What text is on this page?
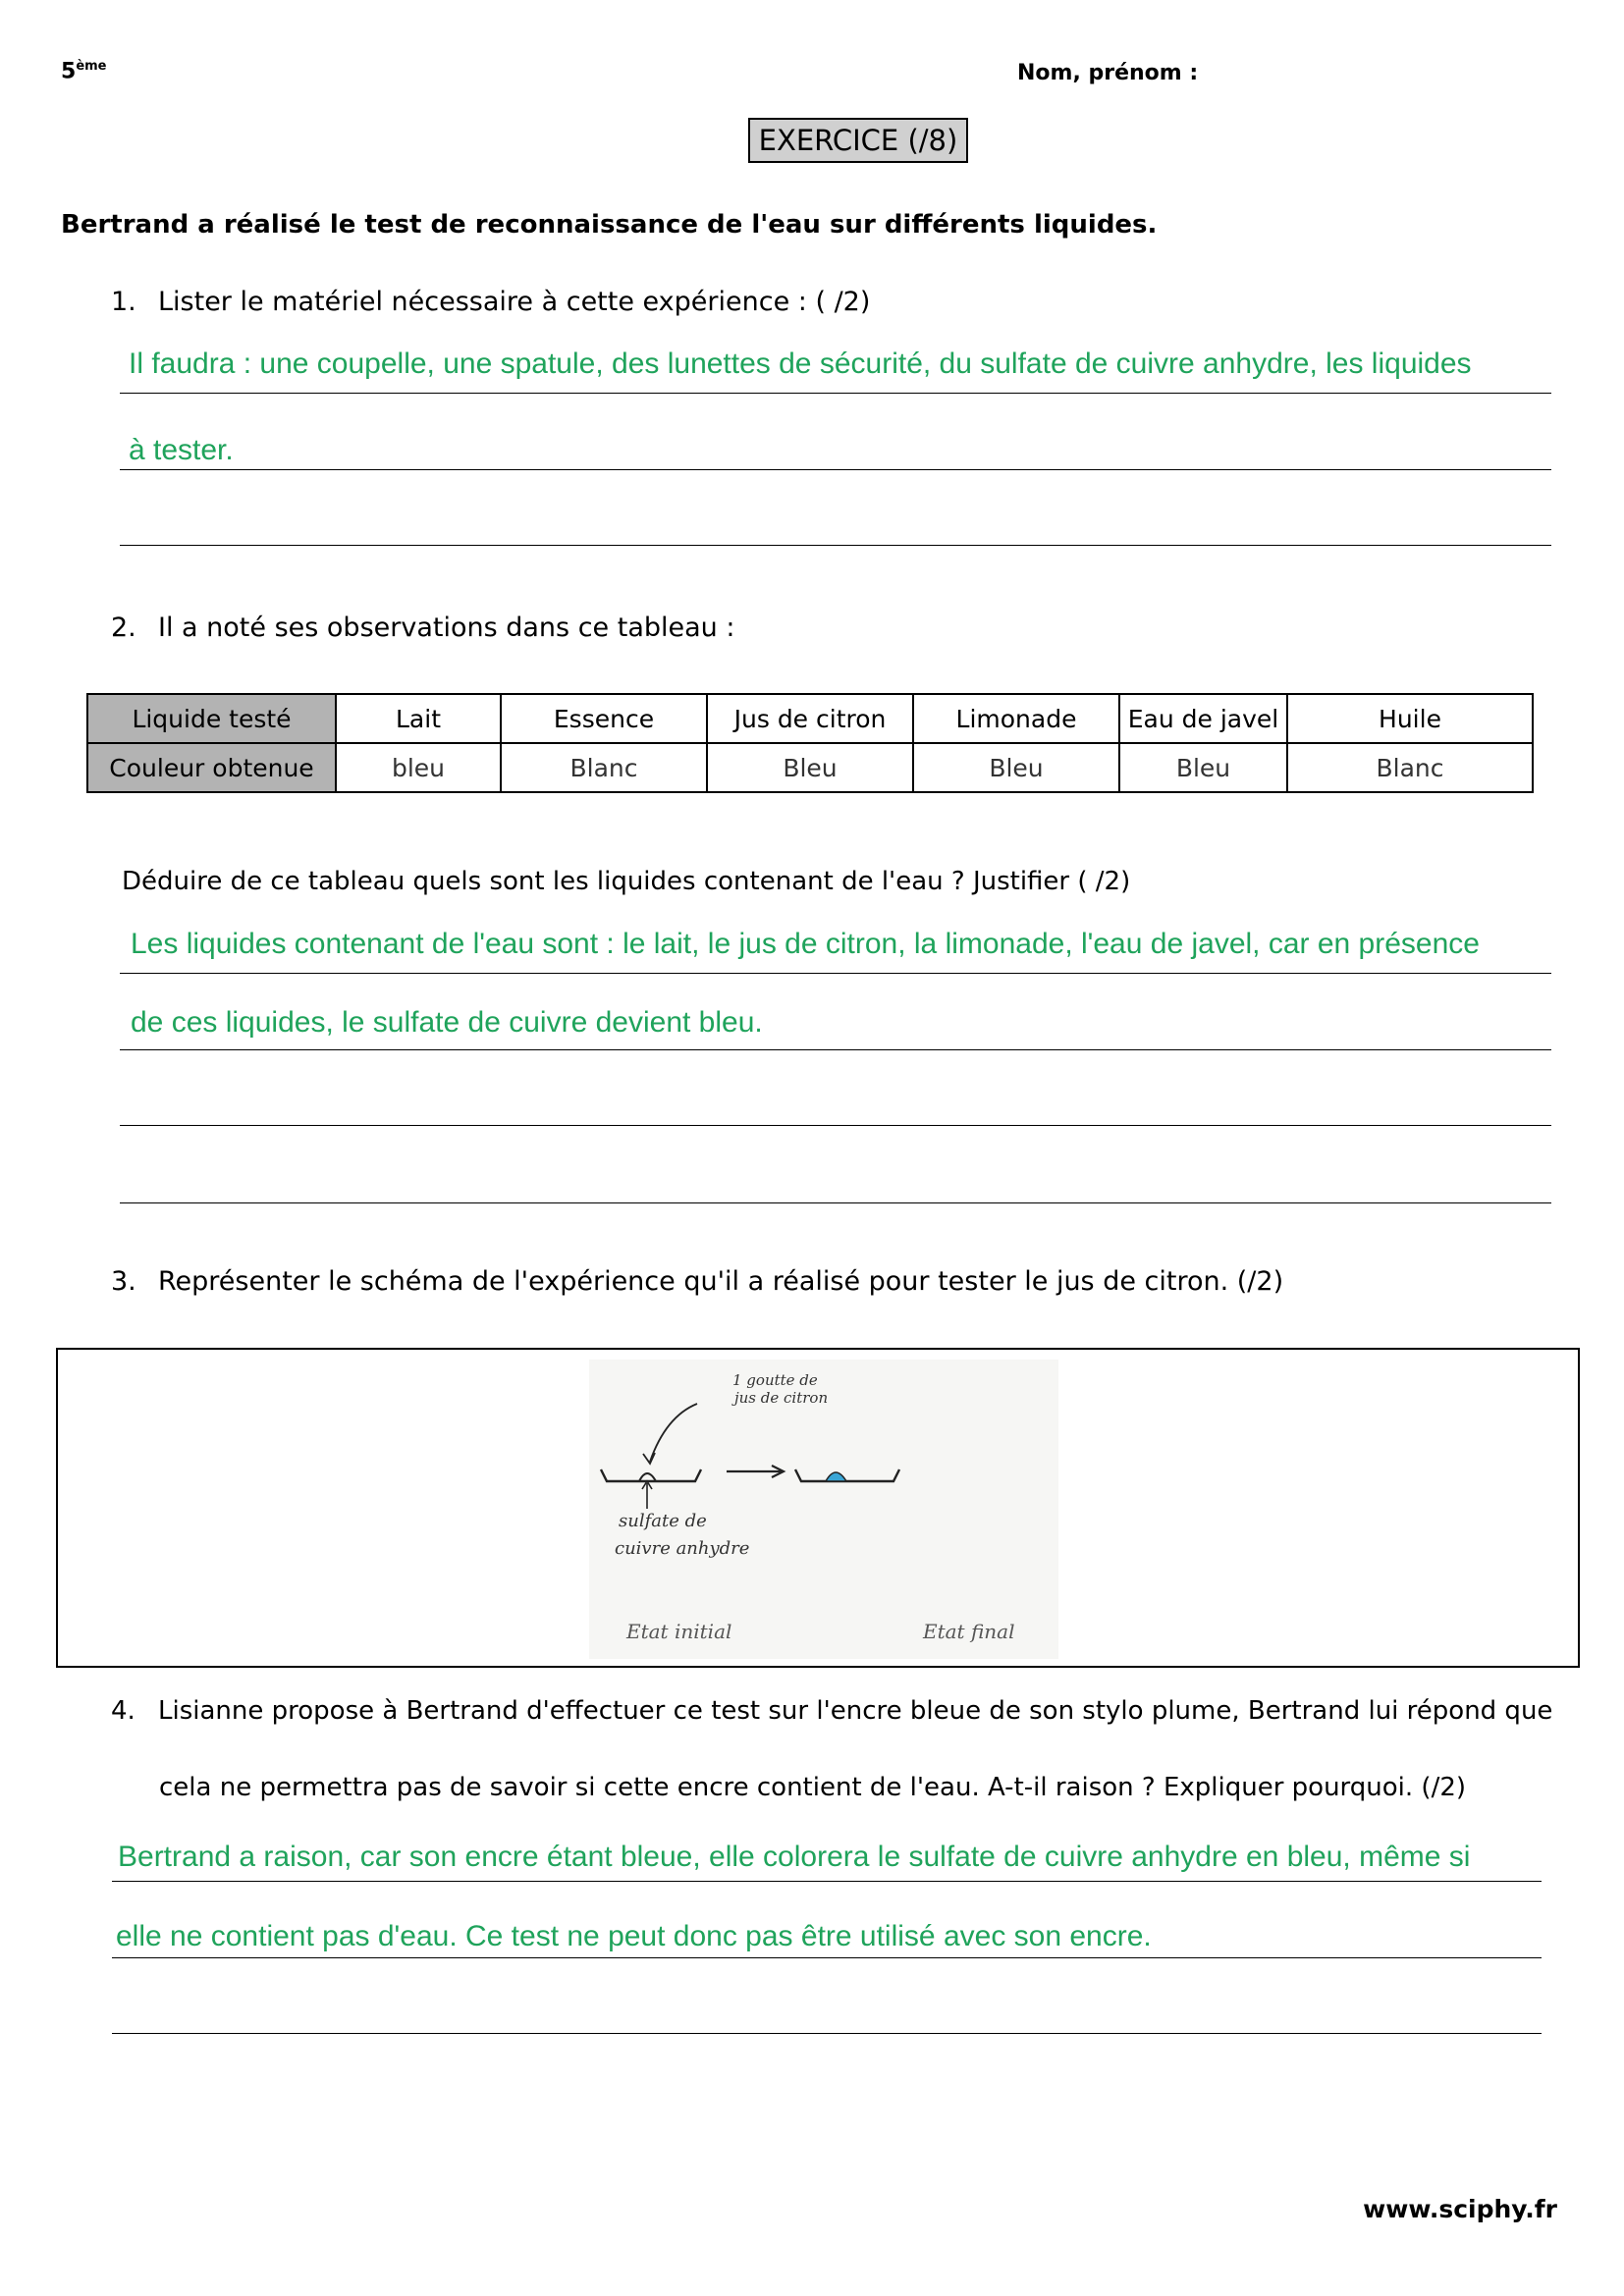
5ème	Nom, prénom :
EXERCICE (/8)
Bertrand a réalisé le test de reconnaissance de l'eau sur différents liquides.
1. Lister le matériel nécessaire à cette expérience : ( /2)
Il faudra : une coupelle, une spatule, des lunettes de sécurité, du sulfate de cuivre anhydre, les liquides
à tester.
2. Il a noté ses observations dans ce tableau :
Liquide testé	Lait	Essence	Jus de citron	Limonade	Eau de javel	Huile
Couleur obtenue	bleu	Blanc	Bleu	Bleu	Bleu	Blanc
Déduire de ce tableau quels sont les liquides contenant de l'eau ? Justifier ( /2)
Les liquides contenant de l'eau sont : le lait, le jus de citron, la limonade, l'eau de javel, car en présence
de ces liquides, le sulfate de cuivre devient bleu.
3. Représenter le schéma de l'expérience qu'il a réalisé pour tester le jus de citron. (/2)
1 goutte de
jus de citron
sulfate de
cuivre anhydre
Etat initial	Etat final
4. Lisianne propose à Bertrand d'effectuer ce test sur l'encre bleue de son stylo plume, Bertrand lui répond que
cela ne permettra pas de savoir si cette encre contient de l'eau. A-t-il raison ? Expliquer pourquoi. (/2)
Bertrand a raison, car son encre étant bleue, elle colorera le sulfate de cuivre anhydre en bleu, même si
elle ne contient pas d'eau. Ce test ne peut donc pas être utilisé avec son encre.
www.sciphy.fr
